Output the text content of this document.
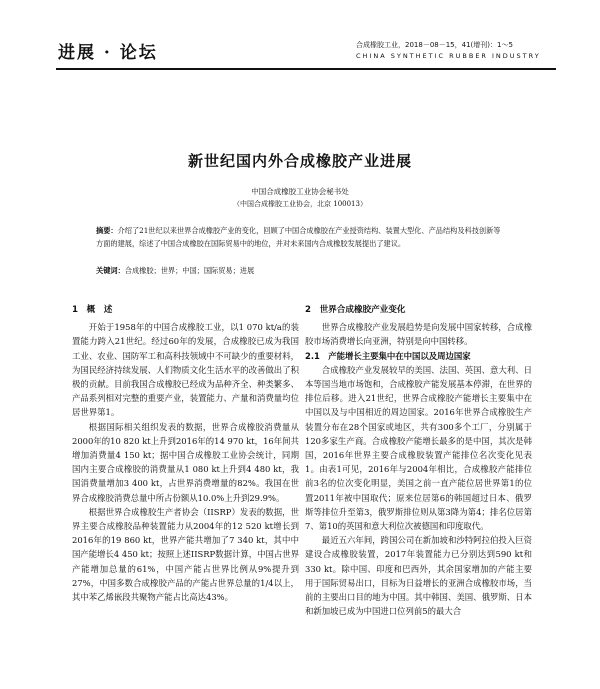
进展 · 论坛	合成橡胶工业，2018－08－15，41(增刊)：1～5
CHINA SYNTHETIC RUBBER INDUSTRY
新世纪国内外合成橡胶产业进展
中国合成橡胶工业协会秘书处
（中国合成橡胶工业协会，北京 100013）
摘要：介绍了21世纪以来世界合成橡胶产业的变化，回顾了中国合成橡胶在产业授资结构、装置大型化、产品结构及科技创新等方面的建展，综述了中国合成橡胶在国际贸易中的地位，并对未来国内合成橡胶发展提出了建议。
关键词：合成橡胶；世界；中国；国际贸易；进展
1　概　述

开始于1958年的中国合成橡胶工业，以1 070 kt/a的装置能力跨入21世纪。经过60年的发展，合成橡胶已成为我国工业、农业、国防军工和高科技领域中不可缺少的重要材料，为国民经济持续发展、人们物质文化生活水平的改善做出了积极的贡献。目前我国合成橡胶已经成为品种齐全、种类繁多、产品系列相对完整的重要产业，装置能力、产量和消费量均位居世界第1。

根据国际相关组织发表的数据，世界合成橡胶消费量从2000年的10 820 kt上升到2016年的14 970 kt，16年间共增加消费量4 150 kt；据中国合成橡胶工业协会统计，同期国内主要合成橡胶的消费量从1 080 kt上升到4 480 kt，我国消费量增加3 400 kt，占世界消费增量的82%。我国在世界合成橡胶消费总量中所占份额从10.0%上升到29.9%。

根据世界合成橡胶生产者协会（IISRP）发表的数据，世界主要合成橡胶品种装置能力从2004年的12 520 kt增长到2016年的19 860 kt，世界产能共增加了7 340 kt，其中中国产能增长4 450 kt；按照上述IISRP数据计算，中国占世界产能增加总量的61%，中国产能占世界比例从9%提升到27%，中国多数合成橡胶产品的产能占世界总量的1/4以上，其中苯乙烯嵌段共聚物产能占比高达43%。

2　世界合成橡胶产业变化

世界合成橡胶产业发展趋势是向发展中国家转移，合成橡胶市场消费增长向亚洲，特别是向中国转移。

2.1　产能增长主要集中在中国以及周边国家

合成橡胶产业发展较早的美国、法国、英国、意大利、日本等国当地市场饱和，合成橡胶产能发展基本停滞，在世界的排位后移。进入21世纪，世界合成橡胶产能增长主要集中在中国以及与中国相近的周边国家。2016年世界合成橡胶生产装置分布在28个国家或地区，共有300多个工厂，分别属于120多家生产商。合成橡胶产能增长最多的是中国，其次是韩国，2016年世界主要合成橡胶装置产能排位名次变化见表1。由表1可见，2016年与2004年相比，合成橡胶产能排位前3名的位次变化明显，美国之前一直产能位居世界第1的位置2011年被中国取代；原来位居第6的韩国超过日本、俄罗斯等排位升至第3，俄罗斯排位则从第3降为第4；排名位居第7、第10的英国和意大利位次被德国和印度取代。

最近五六年间，跨国公司在新加坡和沙特阿拉伯投入巨资建设合成橡胶装置，2017年装置能力已分别达到590 kt和330 kt。除中国、印度和巴西外，其余国家增加的产能主要用于国际贸易出口，目标为日益增长的亚洲合成橡胶市场，当前的主要出口目的地为中国。其中韩国、美国、俄罗斯、日本和新加坡已成为中国进口位列前5的最大合
